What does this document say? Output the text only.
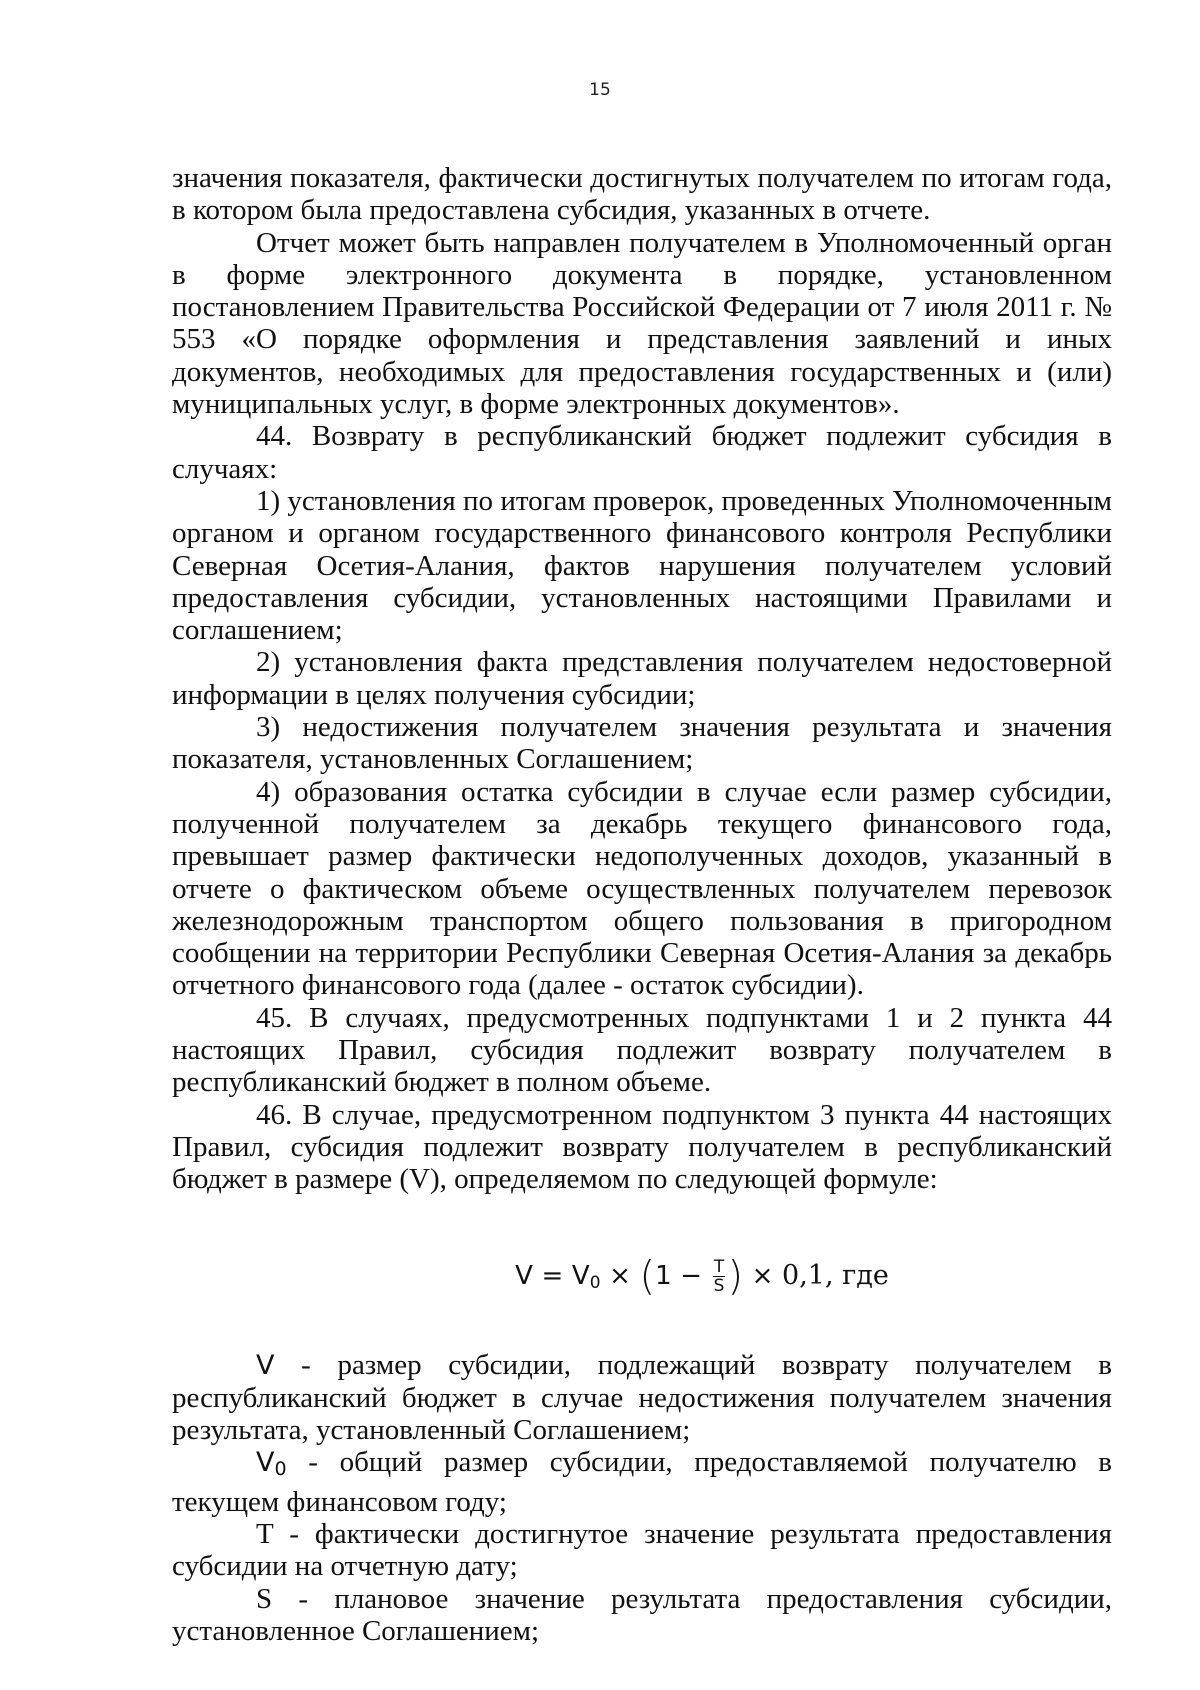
15

значения показателя, фактически достигнутых получателем по итогам года, в котором была предоставлена субсидия, указанных в отчете.

Отчет может быть направлен получателем в Уполномоченный орган в форме электронного документа в порядке, установленном постановлением Правительства Российской Федерации от 7 июля 2011 г. № 553 «О порядке оформления и представления заявлений и иных документов, необходимых для предоставления государственных и (или) муниципальных услуг, в форме электронных документов».

44. Возврату в республиканский бюджет подлежит субсидия в случаях:

1) установления по итогам проверок, проведенных Уполномоченным органом и органом государственного финансового контроля Республики Северная Осетия-Алания, фактов нарушения получателем условий предоставления субсидии, установленных настоящими Правилами и соглашением;

2) установления факта представления получателем недостоверной информации в целях получения субсидии;

3) недостижения получателем значения результата и значения показателя, установленных Соглашением;

4) образования остатка субсидии в случае если размер субсидии, полученной получателем за декабрь текущего финансового года, превышает размер фактически недополученных доходов, указанный в отчете о фактическом объеме осуществленных получателем перевозок железнодорожным транспортом общего пользования в пригородном сообщении на территории Республики Северная Осетия-Алания за декабрь отчетного финансового года (далее - остаток субсидии).

45. В случаях, предусмотренных подпунктами 1 и 2 пункта 44 настоящих Правил, субсидия подлежит возврату получателем в республиканский бюджет в полном объеме.

46. В случае, предусмотренном подпунктом 3 пункта 44 настоящих Правил, субсидия подлежит возврату получателем в республиканский бюджет в размере (V), определяемом по следующей формуле:

$V = V_0 \times (1 - \frac{T}{S}$ ) × 0,1, где

V - размер субсидии, подлежащий возврату получателем в республиканский бюджет в случае недостижения получателем значения результата, установленный Соглашением;

$V_0$ - общий размер субсидии, предоставляемой получателю в текущем финансовом году;

T - фактически достигнутое значение результата предоставления субсидии на отчетную дату;

S - плановое значение результата предоставления субсидии, установленное Соглашением;
